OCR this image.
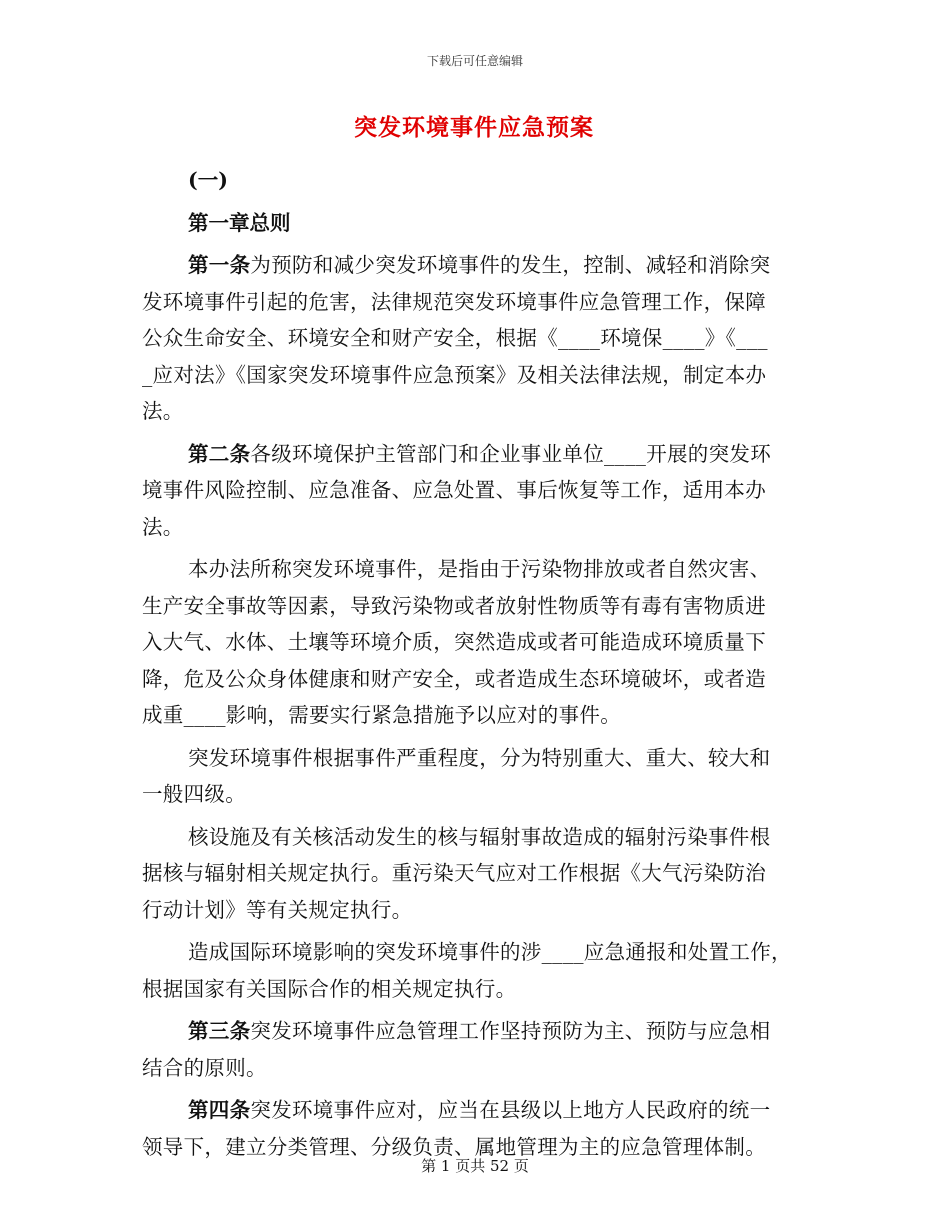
下载后可任意编辑
突发环境事件应急预案
(一)
第一章总则
第一条为预防和减少突发环境事件的发生，控制、减轻和消除突
发环境事件引起的危害，法律规范突发环境事件应急管理工作，保障
公众生命安全、环境安全和财产安全，根据《____环境保____》《___
_应对法》《国家突发环境事件应急预案》及相关法律法规，制定本办
法。
第二条各级环境保护主管部门和企业事业单位____开展的突发环
境事件风险控制、应急准备、应急处置、事后恢复等工作，适用本办
法。
本办法所称突发环境事件，是指由于污染物排放或者自然灾害、
生产安全事故等因素，导致污染物或者放射性物质等有毒有害物质进
入大气、水体、土壤等环境介质，突然造成或者可能造成环境质量下
降，危及公众身体健康和财产安全，或者造成生态环境破坏，或者造
成重____影响，需要实行紧急措施予以应对的事件。
突发环境事件根据事件严重程度，分为特别重大、重大、较大和
一般四级。
核设施及有关核活动发生的核与辐射事故造成的辐射污染事件根
据核与辐射相关规定执行。重污染天气应对工作根据《大气污染防治
行动计划》等有关规定执行。
造成国际环境影响的突发环境事件的涉____应急通报和处置工作，
根据国家有关国际合作的相关规定执行。
第三条突发环境事件应急管理工作坚持预防为主、预防与应急相
结合的原则。
第四条突发环境事件应对，应当在县级以上地方人民政府的统一
领导下，建立分类管理、分级负责、属地管理为主的应急管理体制。
第 1 页共 52 页
